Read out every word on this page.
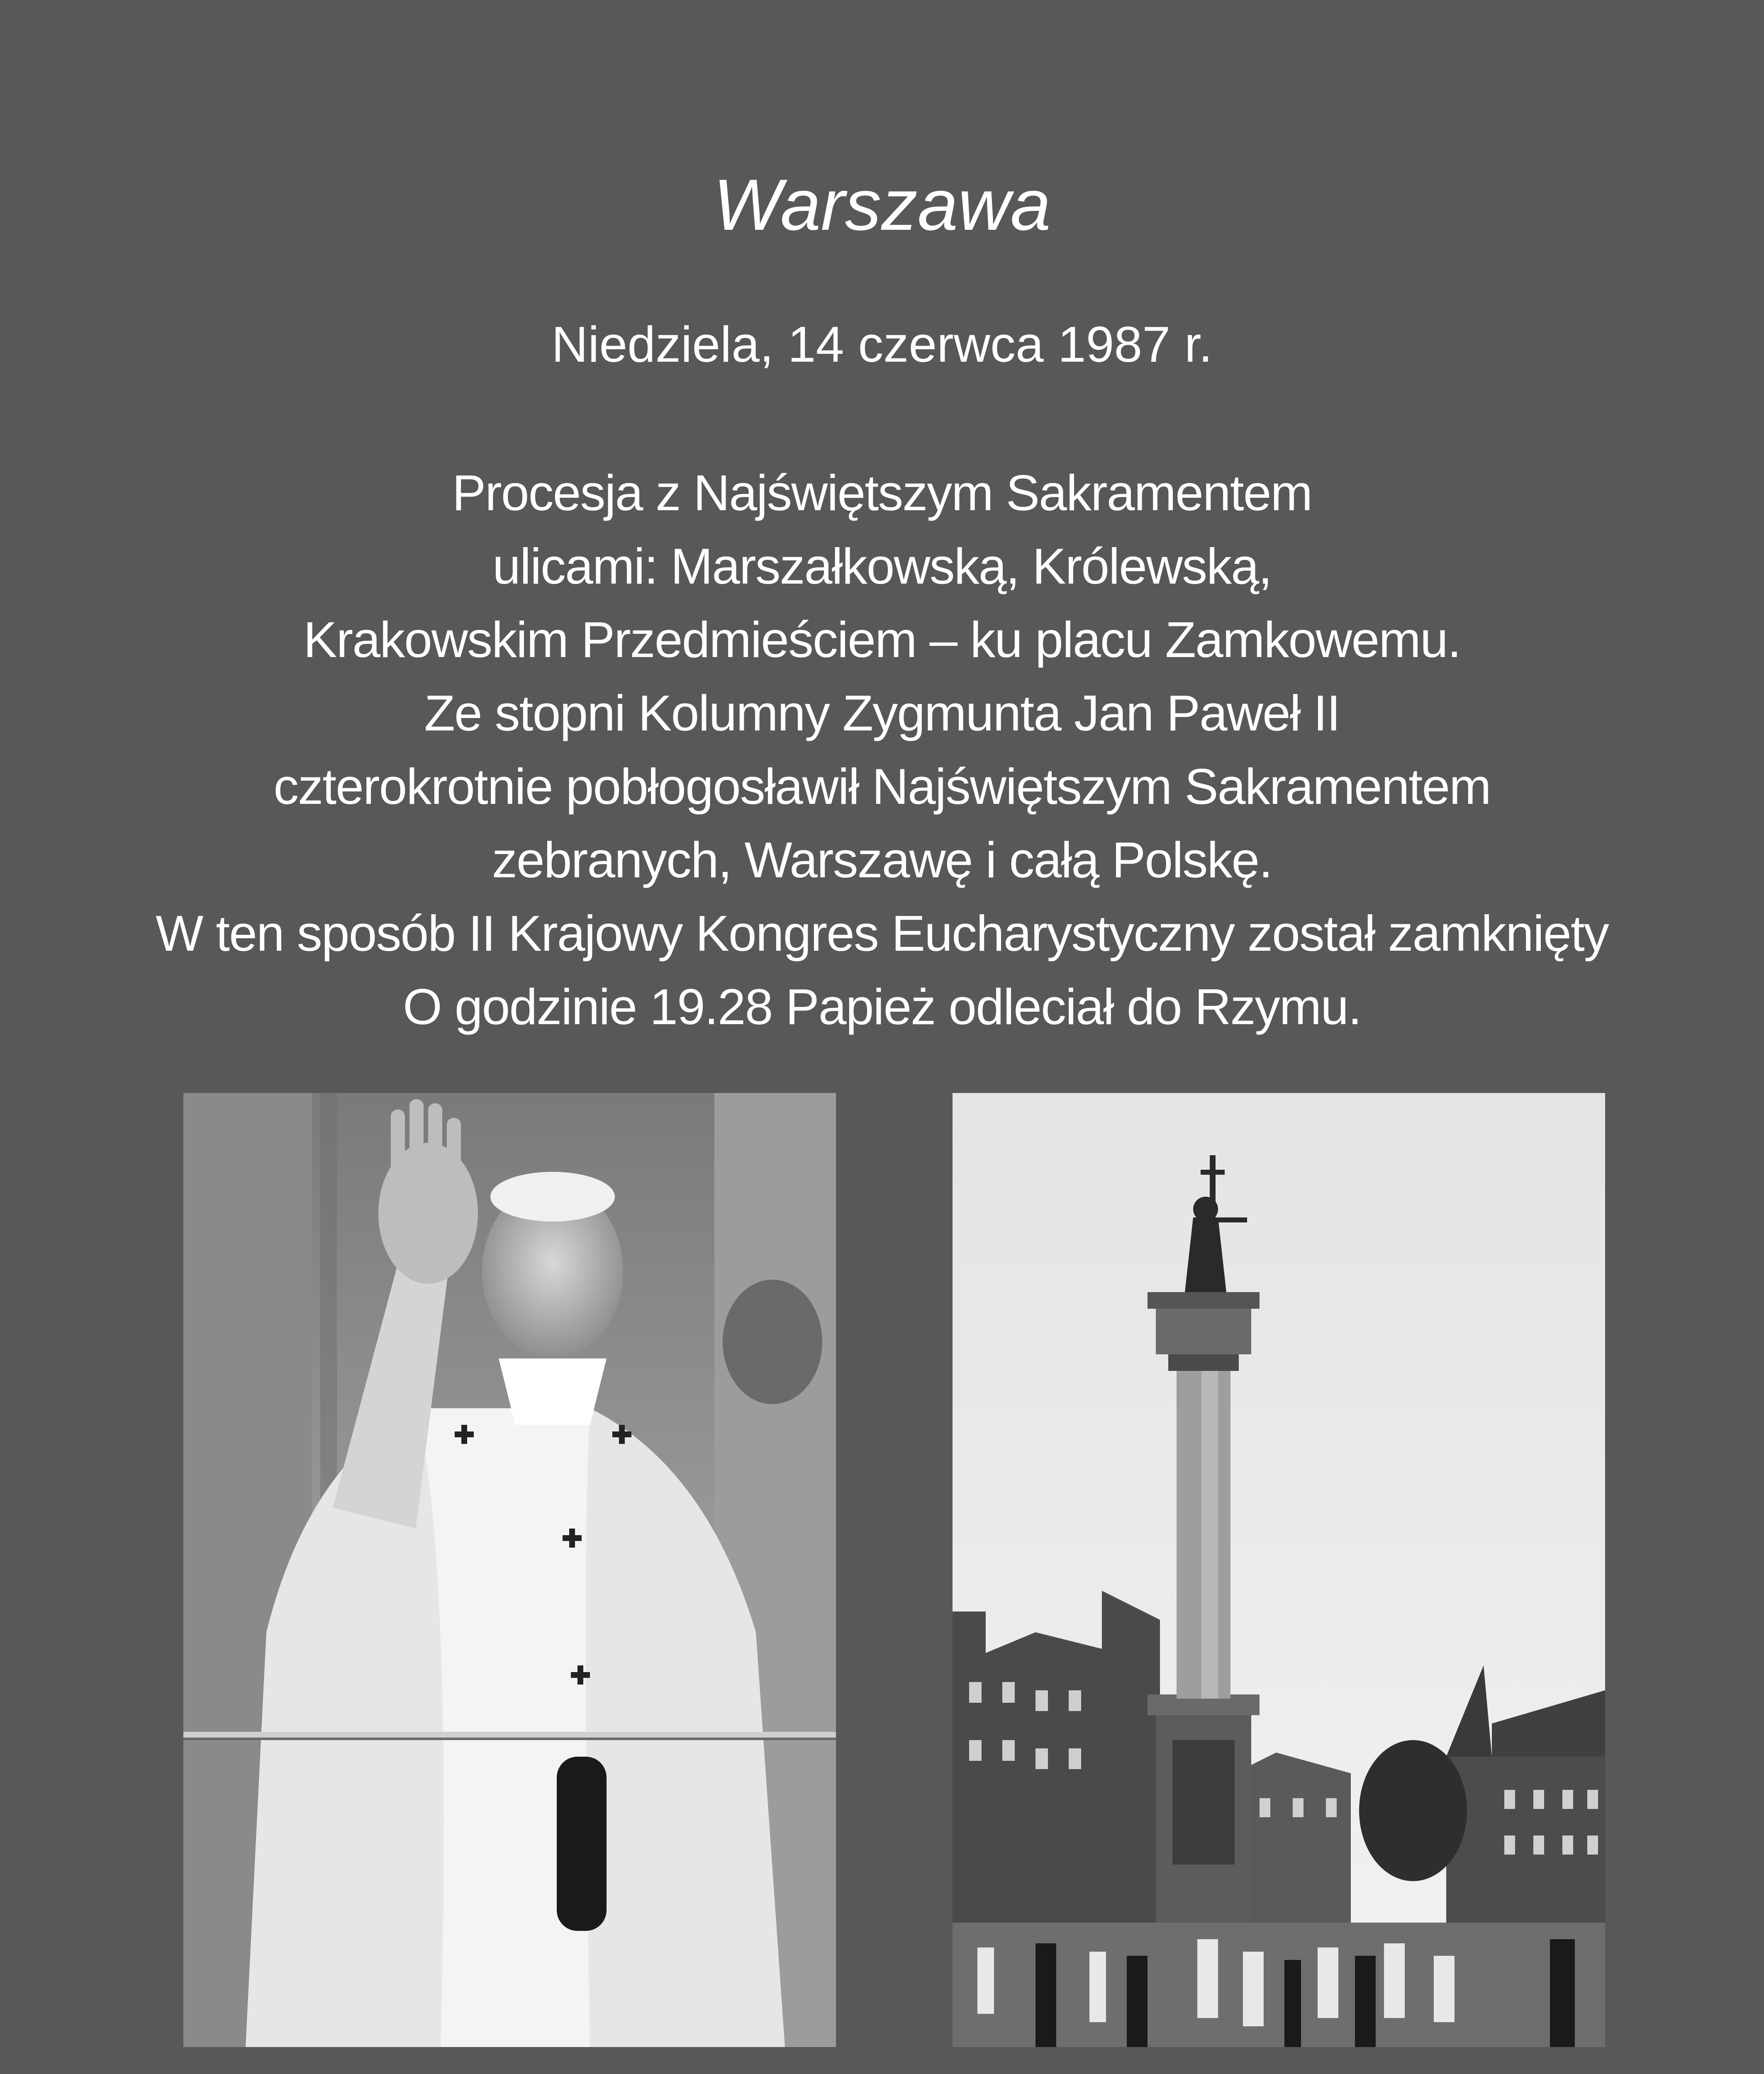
Warszawa
Niedziela, 14 czerwca 1987 r.
Procesja z Najświętszym Sakramentem
ulicami: Marszałkowską, Królewską,
Krakowskim Przedmieściem – ku placu Zamkowemu.
Ze stopni Kolumny Zygmunta Jan Paweł II
czterokrotnie pobłogosławił Najświętszym Sakramentem
zebranych, Warszawę i całą Polskę.
W ten sposób II Krajowy Kongres Eucharystyczny został zamknięty
O godzinie 19.28 Papież odleciał do Rzymu.
